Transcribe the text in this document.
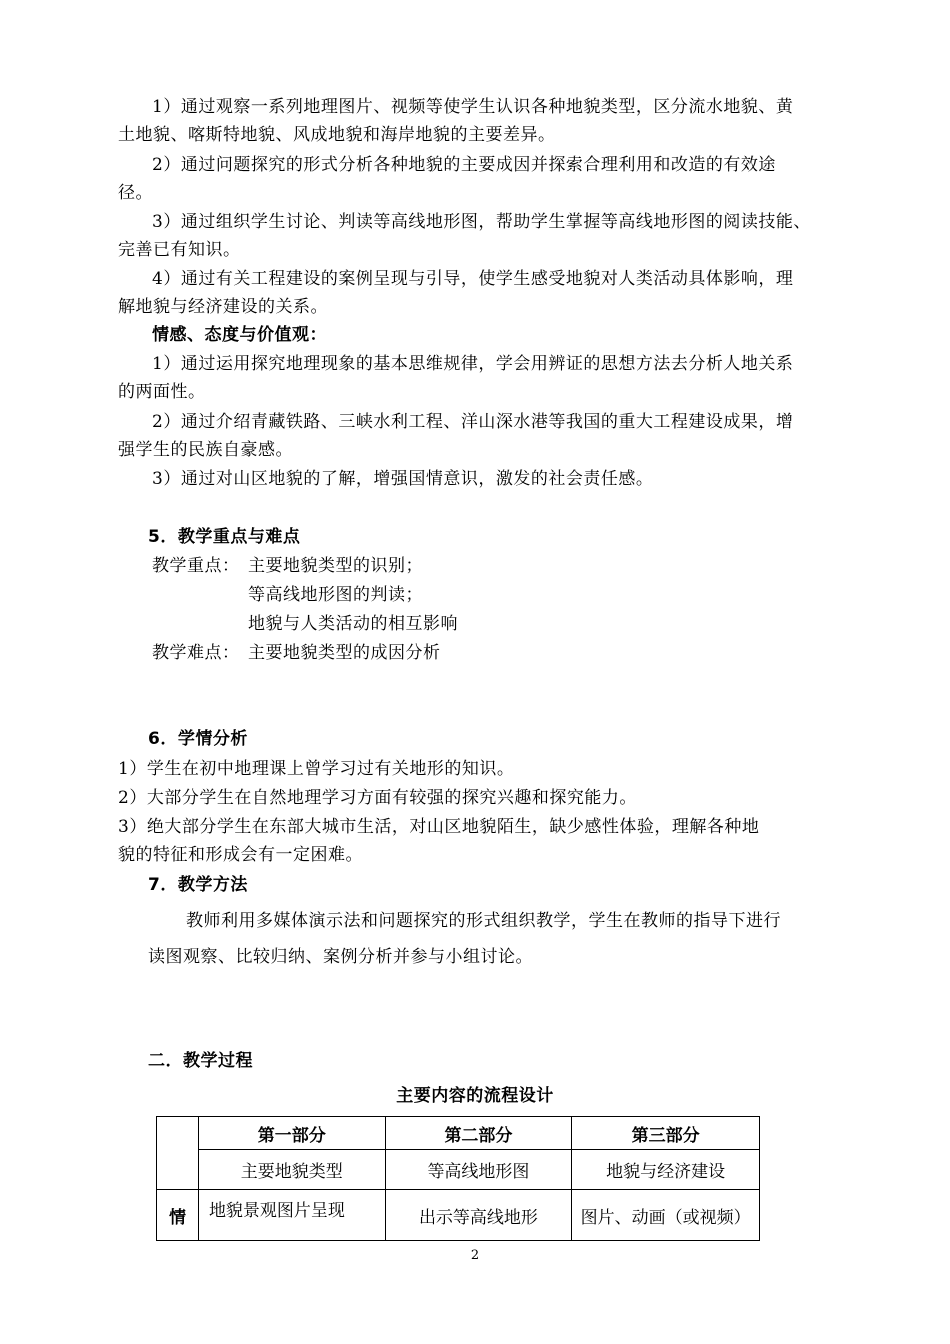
1）通过观察一系列地理图片、视频等使学生认识各种地貌类型，区分流水地貌、黄
土地貌、喀斯特地貌、风成地貌和海岸地貌的主要差异。
2）通过问题探究的形式分析各种地貌的主要成因并探索合理利用和改造的有效途
径。
3）通过组织学生讨论、判读等高线地形图，帮助学生掌握等高线地形图的阅读技能、
完善已有知识。
4）通过有关工程建设的案例呈现与引导，使学生感受地貌对人类活动具体影响，理
解地貌与经济建设的关系。
情感、态度与价值观：
1）通过运用探究地理现象的基本思维规律，学会用辨证的思想方法去分析人地关系
的两面性。
2）通过介绍青藏铁路、三峡水利工程、洋山深水港等我国的重大工程建设成果，增
强学生的民族自豪感。
3）通过对山区地貌的了解，增强国情意识，激发的社会责任感。
5．教学重点与难点
教学重点： 主要地貌类型的识别；
等高线地形图的判读；
地貌与人类活动的相互影响
教学难点： 主要地貌类型的成因分析
6．学情分析
1）学生在初中地理课上曾学习过有关地形的知识。
2）大部分学生在自然地理学习方面有较强的探究兴趣和探究能力。
3）绝大部分学生在东部大城市生活，对山区地貌陌生，缺少感性体验，理解各种地
貌的特征和形成会有一定困难。
7．教学方法
教师利用多媒体演示法和问题探究的形式组织教学，学生在教师的指导下进行
读图观察、比较归纳、案例分析并参与小组讨论。
二．教学过程
主要内容的流程设计
	第一部分	第二部分	第三部分
	主要地貌类型	等高线地形图	地貌与经济建设
情	地貌景观图片呈现	出示等高线地形	图片、动画（或视频）
2
